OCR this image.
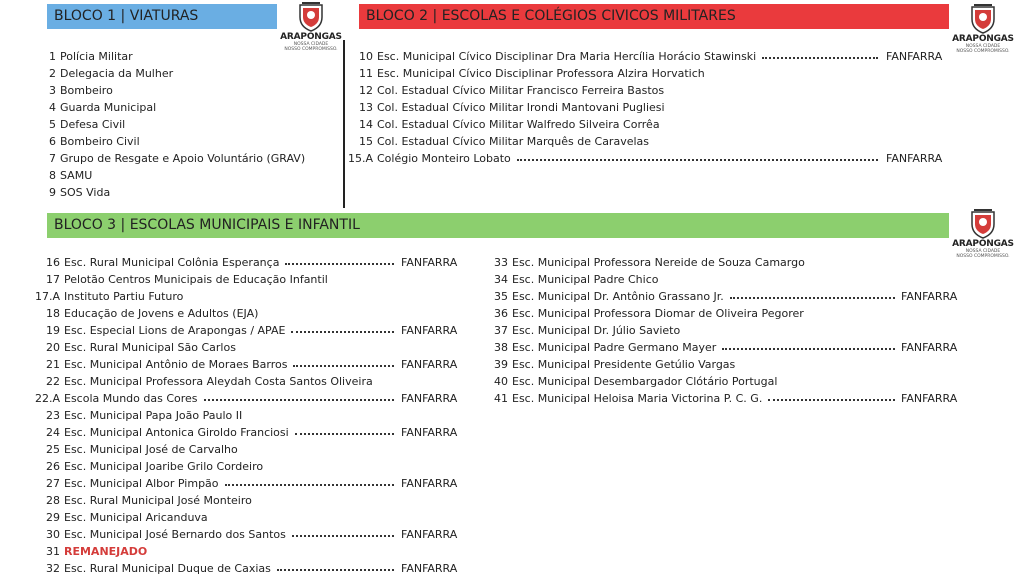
BLOCO 1 | VIATURAS	BLOCO 2 | ESCOLAS E COLÉGIOS CIVICOS MILITARES
BLOCO 3 | ESCOLAS MUNICIPAIS E INFANTIL
ARAPONGAS
NOSSA CIDADE
NOSSO COMPROMISSO.
ARAPONGAS
NOSSA CIDADE
NOSSO COMPROMISSO.
ARAPONGAS
NOSSA CIDADE
NOSSO COMPROMISSO.
1 Polícia Militar
2 Delegacia da Mulher
3 Bombeiro
4 Guarda Municipal
5 Defesa Civil
6 Bombeiro Civil
7 Grupo de Resgate e Apoio Voluntário (GRAV)
8 SAMU
9 SOS Vida
10 Esc. Municipal Cívico Disciplinar Dra Maria Hercília Horácio Stawinski	FANFARRA
11 Esc. Municipal Cívico Disciplinar Professora Alzira Horvatich
12 Col. Estadual Cívico Militar Francisco Ferreira Bastos
13 Col. Estadual Cívico Militar Irondi Mantovani Pugliesi
14 Col. Estadual Cívico Militar Walfredo Silveira Corrêa
15 Col. Estadual Cívico Militar Marquês de Caravelas
15.A Colégio Monteiro Lobato	FANFARRA
16 Esc. Rural Municipal Colônia Esperança	FANFARRA
17 Pelotão Centros Municipais de Educação Infantil
17.A Instituto Partiu Futuro
18 Educação de Jovens e Adultos (EJA)
19 Esc. Especial Lions de Arapongas / APAE	FANFARRA
20 Esc. Rural Municipal São Carlos
21 Esc. Municipal Antônio de Moraes Barros	FANFARRA
22 Esc. Municipal Professora Aleydah Costa Santos Oliveira
22.A Escola Mundo das Cores	FANFARRA
23 Esc. Municipal Papa João Paulo II
24 Esc. Municipal Antonica Giroldo Franciosi	FANFARRA
25 Esc. Municipal José de Carvalho
26 Esc. Municipal Joaribe Grilo Cordeiro
27 Esc. Municipal Albor Pimpão	FANFARRA
28 Esc. Rural Municipal José Monteiro
29 Esc. Municipal Aricanduva
30 Esc. Municipal José Bernardo dos Santos	FANFARRA
31 REMANEJADO
32 Esc. Rural Municipal Duque de Caxias	FANFARRA
33 Esc. Municipal Professora Nereide de Souza Camargo
34 Esc. Municipal Padre Chico
35 Esc. Municipal Dr. Antônio Grassano Jr.	FANFARRA
36 Esc. Municipal Professora Diomar de Oliveira Pegorer
37 Esc. Municipal Dr. Júlio Savieto
38 Esc. Municipal Padre Germano Mayer	FANFARRA
39 Esc. Municipal Presidente Getúlio Vargas
40 Esc. Municipal Desembargador Clótário Portugal
41 Esc. Municipal Heloisa Maria Victorina P. C. G.	FANFARRA
